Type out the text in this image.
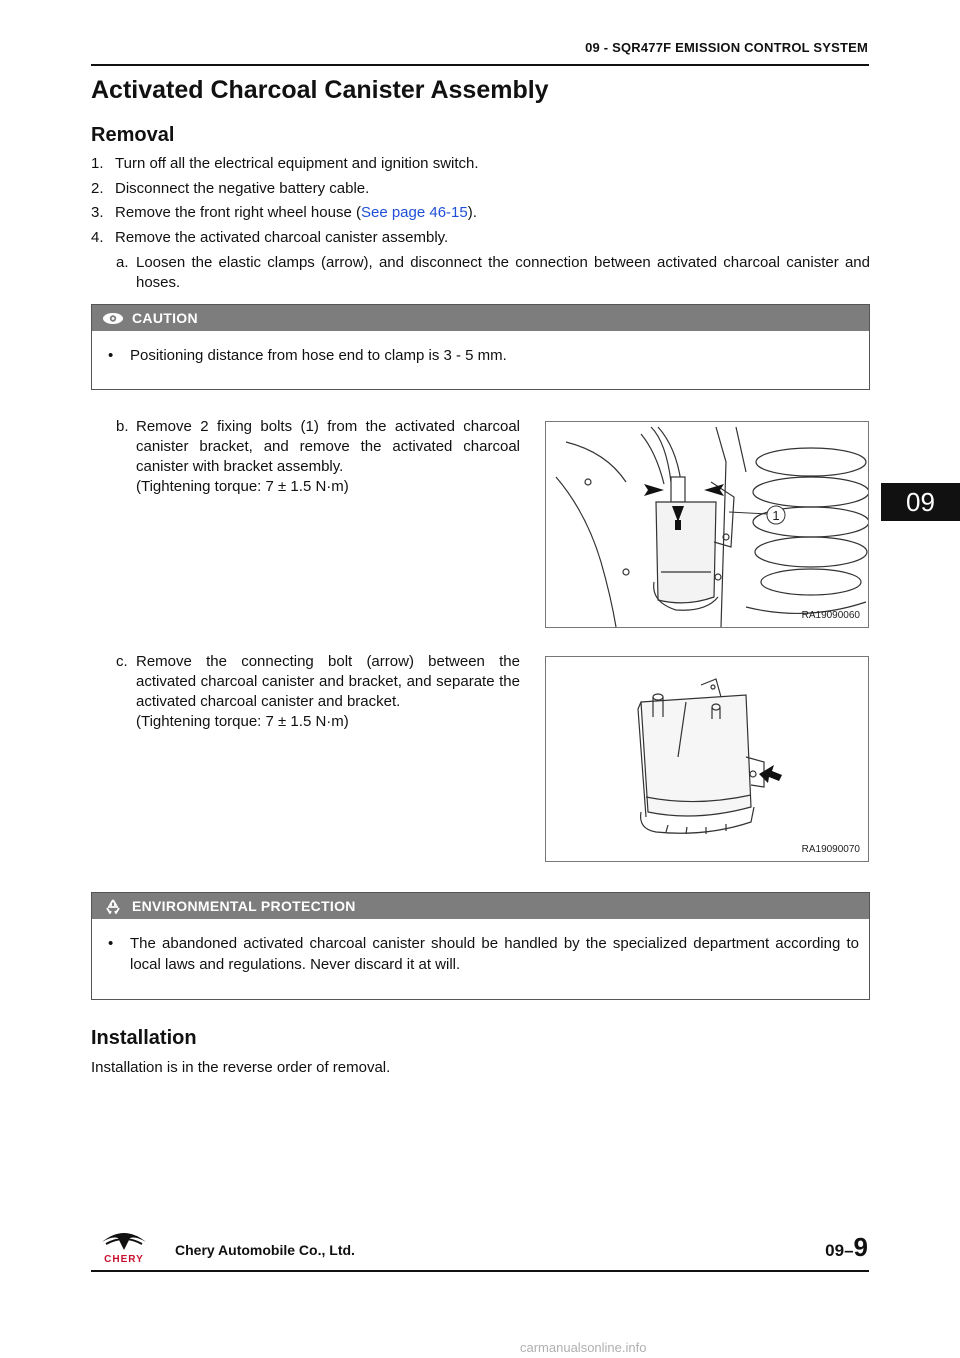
09 - SQR477F EMISSION CONTROL SYSTEM
Activated Charcoal Canister Assembly
Removal
1. Turn off all the electrical equipment and ignition switch.
2. Disconnect the negative battery cable.
3. Remove the front right wheel house (See page 46-15).
4. Remove the activated charcoal canister assembly.
a. Loosen the elastic clamps (arrow), and disconnect the connection between activated charcoal canister and hoses.
CAUTION
• Positioning distance from hose end to clamp is 3 - 5 mm.
b. Remove 2 fixing bolts (1) from the activated charcoal canister bracket, and remove the activated charcoal canister with bracket assembly.
(Tightening torque: 7 ± 1.5 N·m)
1
RA19090060
c. Remove the connecting bolt (arrow) between the activated charcoal canister and bracket, and separate the activated charcoal canister and bracket.
(Tightening torque: 7 ± 1.5 N·m)
RA19090070
ENVIRONMENTAL PROTECTION
• The abandoned activated charcoal canister should be handled by the specialized department according to local laws and regulations. Never discard it at will.
Installation
Installation is in the reverse order of removal.
09
CHERY
Chery Automobile Co., Ltd.	09–9
carmanualsonline.info
